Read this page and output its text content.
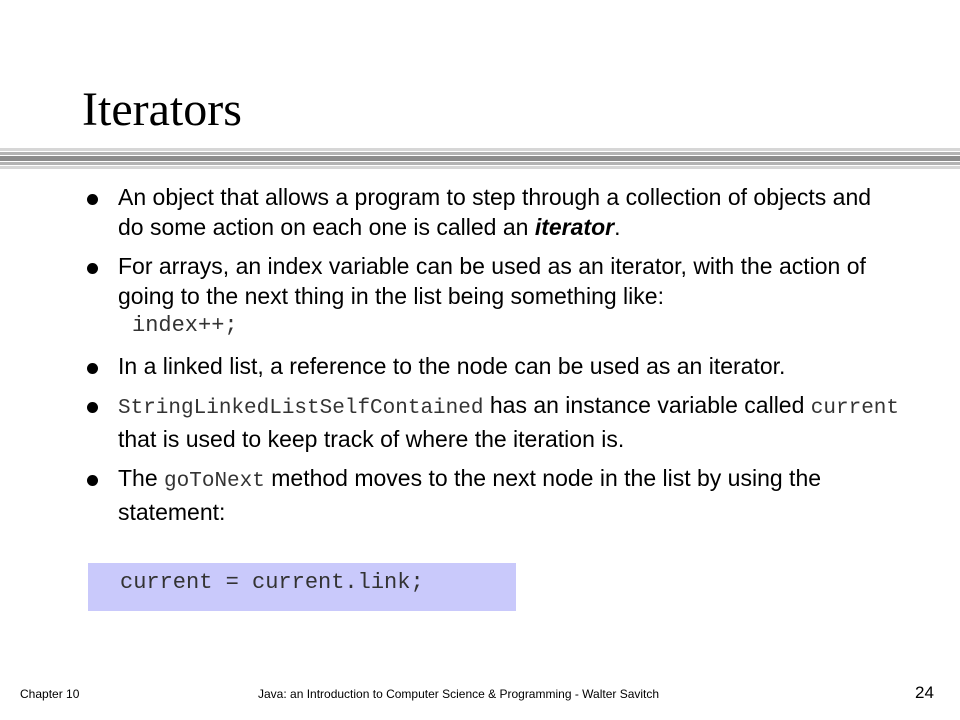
Iterators
An object that allows a program to step through a collection of objects and do some action on each one is called an iterator.
For arrays, an index variable can be used as an iterator, with the action of going to the next thing in the list being something like:
index++;
In a linked list, a reference to the node can be used as an iterator.
StringLinkedListSelfContained has an instance variable called current that is used to keep track of where the iteration is.
The goToNext method moves to the next node in the list by using the statement:
current = current.link;
Chapter 10	Java: an Introduction to Computer Science & Programming - Walter Savitch	24
